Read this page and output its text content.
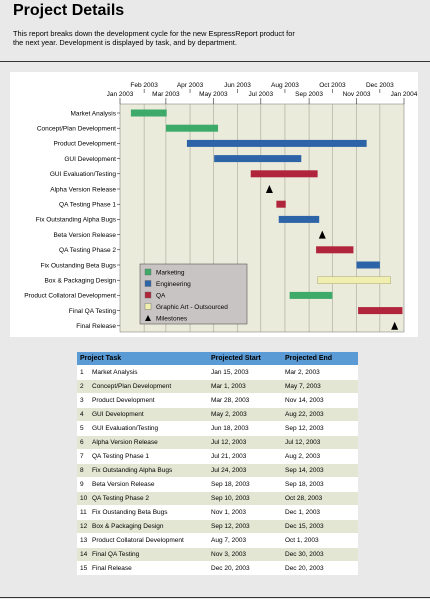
Project Details
This report breaks down the development cycle for the new EspressReport product for the next year. Development is displayed by task, and by department.
Feb 2003	Apr 2003	Jun 2003	Aug 2003	Oct 2003	Dec 2003
Jan 2003	Mar 2003	May 2003	Jul 2003	Sep 2003	Nov 2003	Jan 2004
Market Analysis
Concept/Plan Development
Product Development
GUI Development
GUI Evaluation/Testing
Alpha Version Release
QA Testing Phase 1
Fix Outstanding Alpha Bugs
Beta Version Release
QA Testing Phase 2
Fix Oustanding Beta Bugs
Box & Packaging Design
Product Collatoral Development
Final QA Testing
Final Release
Marketing
Engineering
QA
Graphic Art - Outsourced
Milestones
Project Task	Projected Start	Projected End
1 Market Analysis	Jan 15, 2003	Mar 2, 2003
2 Concept/Plan Development	Mar 1, 2003	May 7, 2003
3 Product Development	Mar 28, 2003	Nov 14, 2003
4 GUI Development	May 2, 2003	Aug 22, 2003
5 GUI Evaluation/Testing	Jun 18, 2003	Sep 12, 2003
6 Alpha Version Release	Jul 12, 2003	Jul 12, 2003
7 QA Testing Phase 1	Jul 21, 2003	Aug 2, 2003
8 Fix Outstanding Alpha Bugs	Jul 24, 2003	Sep 14, 2003
9 Beta Version Release	Sep 18, 2003	Sep 18, 2003
10 QA Testing Phase 2	Sep 10, 2003	Oct 28, 2003
11 Fix Oustanding Beta Bugs	Nov 1, 2003	Dec 1, 2003
12 Box & Packaging Design	Sep 12, 2003	Dec 15, 2003
13 Product Collatoral Development	Aug 7, 2003	Oct 1, 2003
14 Final QA Testing	Nov 3, 2003	Dec 30, 2003
15 Final Release	Dec 20, 2003	Dec 20, 2003
